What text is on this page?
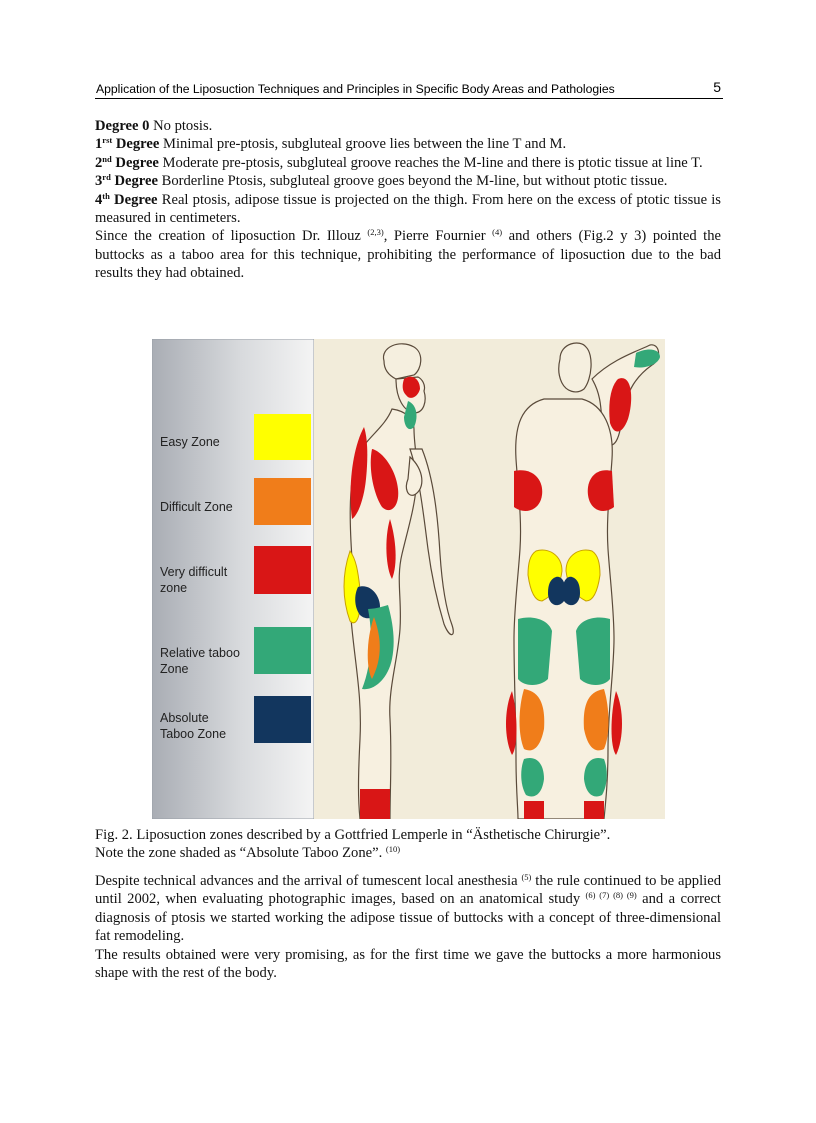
Application of the Liposuction Techniques and Principles in Specific Body Areas and Pathologies	5

Degree 0 No ptosis.

$1^{rst}$ Degree Minimal pre-ptosis, subgluteal groove lies between the line T and M.

2nd Degree Moderate pre-ptosis, subgluteal groove reaches the M-line and there is ptotic tissue at line T.

3rd Degree Borderline Ptosis, subgluteal groove goes beyond the M-line, but without ptotic tissue.

4th Degree Real ptosis, adipose tissue is projected on the thigh. From here on the excess of ptotic tissue is measured in centimeters.

Since the creation of liposuction Dr. Illouz $^{(2,3)}$, Pierre Fournier $^{(4)}$ and others (Fig.2 y 3) pointed the buttocks as a taboo area for this technique, prohibiting the performance of liposuction due to the bad results they had obtained.

Easy Zone
Difficult Zone
Very difficult
zone
Relative taboo
Zone
Absolute
Taboo Zone
Fig. 2. Liposuction zones described by a Gottfried Lemperle in “Ästhetische Chirurgie”.
Note the zone shaded as “Absolute Taboo Zone”. $^{(10)}$

Despite technical advances and the arrival of tumescent local anesthesia $^{(5)}$ the rule continued to be applied until 2002, when evaluating photographic images, based on an anatomical study $^{(6) (7) (8) (9)}$ and a correct diagnosis of ptosis we started working the adipose tissue of buttocks with a concept of three-dimensional fat remodeling.

The results obtained were very promising, as for the first time we gave the buttocks a more harmonious shape with the rest of the body.
